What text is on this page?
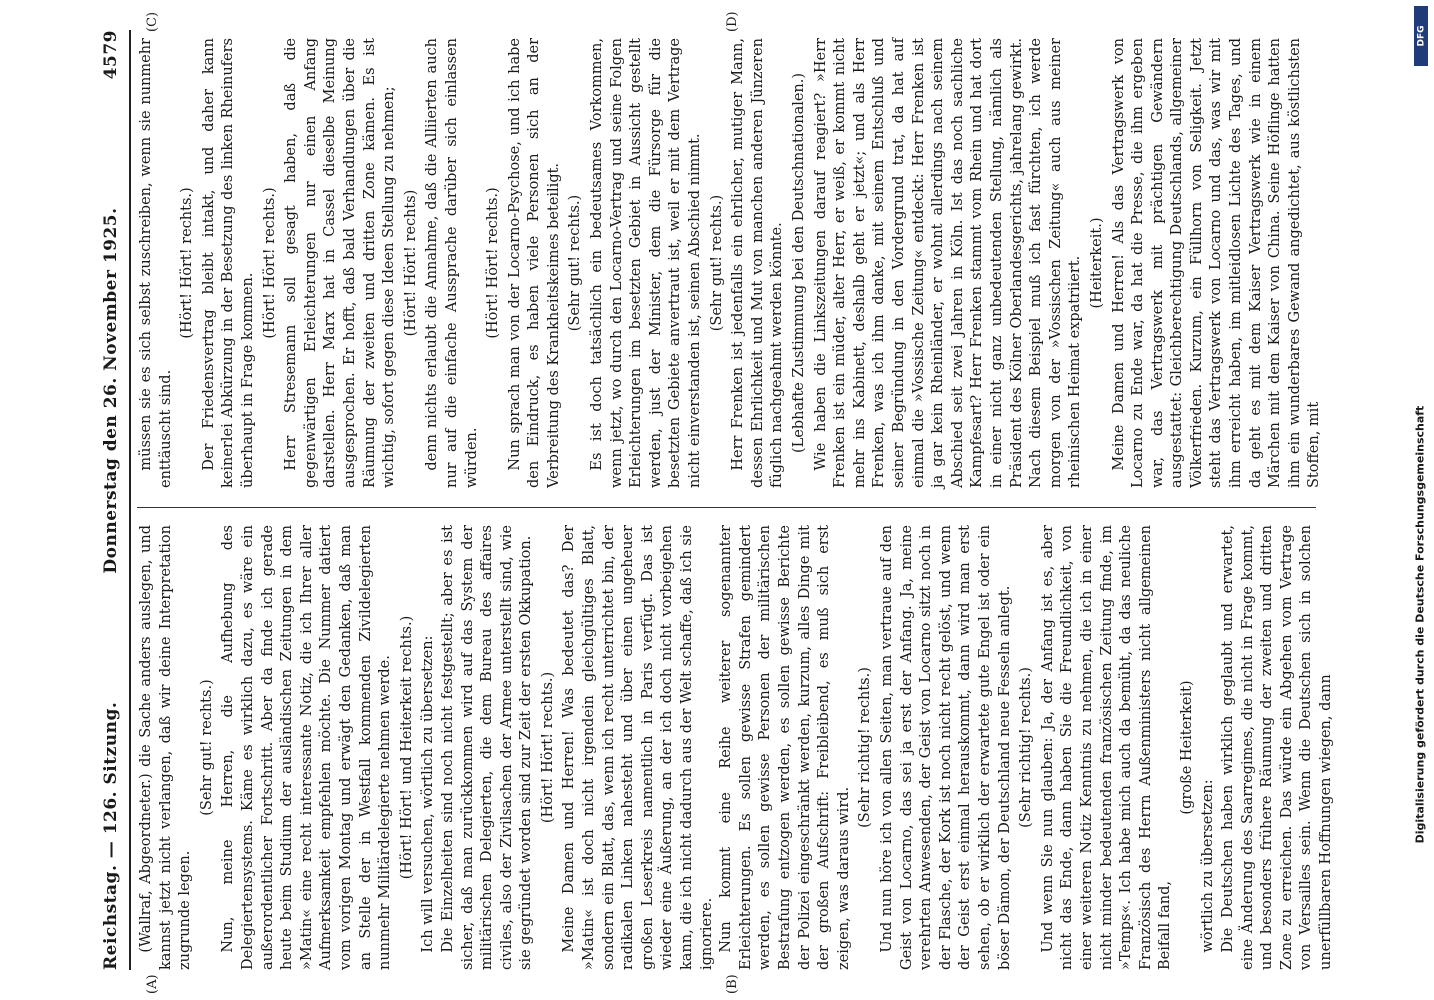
Reichstag. — 126. Sitzung.
Donnerstag den 26. November 1925.
4579
(A)	(B)
(C)	(D)

(Wallraf, Abgeordneter.) die Sache anders auslegen, und kannst jetzt nicht verlangen, daß wir deine Interpretation zugrunde legen.

(Sehr gut! rechts.) Nun, meine Herren, die Aufhebung des Delegiertensystems. Käme es wirklich dazu, es wäre ein außerordentlicher Fortschritt. Aber da finde ich gerade heute beim Studium der ausländischen Zeitungen in dem »Matin« eine recht interessante Notiz, die ich Ihrer aller Aufmerksamkeit empfehlen möchte. Die Nummer datiert vom vorigen Montag und erwägt den Gedanken, daß man an Stelle der in Westfall kommenden Zivildelegierten nunmehr Militärdelegierte nehmen werde. (Hört! Hört! und Heiterkeit rechts.) Ich will versuchen, wörtlich zu übersetzen: Die Einzelheiten sind noch nicht festgestellt; aber es ist sicher, daß man zurückkommen wird auf das System der militärischen Delegierten, die dem Bureau des affaires civiles, also der Zivilsachen der Armee unterstellt sind, wie sie gegründet worden sind zur Zeit der ersten Okkupation. (Hört! Hört! rechts.) Meine Damen und Herren! Was bedeutet das? Der »Matin« ist doch nicht irgendein gleichgültiges Blatt, sondern ein Blatt, das, wenn ich recht unterrichtet bin, der radikalen Linken nahesteht und über einen ungeheuer großen Leserkreis namentlich in Paris verfügt. Das ist wieder eine Äußerung, an der ich doch nicht vorbeigehen kann, die ich nicht dadurch aus der Welt schaffe, daß ich sie ignoriere. Nun kommt eine Reihe weiterer sogenannter Erleichterungen. Es sollen gewisse Strafen gemindert werden, es sollen gewisse Personen der militärischen Bestrafung entzogen werden, es sollen gewisse Berichte der Polizei eingeschränkt werden, kurzum, alles Dinge mit der großen Aufschrift: Freibleibend, es muß sich erst zeigen, was daraus wird.

(Sehr richtig! rechts.) Und nun höre ich von allen Seiten, man vertraue auf den Geist von Locarno, das sei ja erst der Anfang. Ja, meine verehrten Anwesenden, der Geist von Locarno sitzt noch in der Flasche, der Kork ist noch nicht recht gelöst, und wenn der Geist erst einmal herauskommt, dann wird man erst sehen, ob er wirklich der erwartete gute Engel ist oder ein böser Dämon, der Deutschland neue Fesseln anlegt. (Sehr richtig! rechts.) Und wenn Sie nun glauben: Ja, der Anfang ist es, aber nicht das Ende, dann haben Sie die Freundlichkeit, von einer weiteren Notiz Kenntnis zu nehmen, die ich in einer nicht minder bedeutenden französischen Zeitung finde, im »Temps«. Ich habe mich auch da bemüht, da das neuliche Französisch des Herrn Außenministers nicht allgemeinen Beifall fand,

(große Heiterkeit)

wörtlich zu übersetzen: Die Deutschen haben wirklich geglaubt und erwartet, eine Änderung des Saarregimes, die nicht in Frage kommt, und besonders frühere Räumung der zweiten und dritten Zone zu erreichen. Das würde ein Abgehen vom Vertrage von Versailles sein. Wenn die Deutschen sich in solchen unerfüllbaren Hoffnungen wiegen, dann

müssen sie es sich selbst zuschreiben, wenn sie nunmehr enttäuscht sind.

(Hört! Hört! rechts.) Der Friedensvertrag bleibt intakt, und daher kann keinerlei Abkürzung in der Besetzung des linken Rheinufers überhaupt in Frage kommen.

(Hört! Hört! rechts.) Herr Stresemann soll gesagt haben, daß die gegenwärtigen Erleichterungen nur einen Anfang darstellen. Herr Marx hat in Cassel dieselbe Meinung ausgesprochen. Er hofft, daß bald Verhandlungen über die Räumung der zweiten und dritten Zone kämen. Es ist wichtig, sofort gegen diese Ideen Stellung zu nehmen; (Hört! Hört! rechts) denn nichts erlaubt die Annahme, daß die Alliierten auch nur auf die einfache Aussprache darüber sich einlassen würden.

(Hört! Hört! rechts.) Nun sprach man von der Locarno-Psychose, und ich habe den Eindruck, es haben viele Personen sich an der Verbreitung des Krankheitskeimes beteiligt. (Sehr gut! rechts.) Es ist doch tatsächlich ein bedeutsames Vorkommen, wenn jetzt, wo durch den Locarno-Vertrag und seine Folgen Erleichterungen im besetzten Gebiet in Aussicht gestellt werden, just der Minister, dem die Fürsorge für die besetzten Gebiete anvertraut ist, weil er mit dem Vertrage nicht einverstanden ist, seinen Abschied nimmt. (Sehr gut! rechts.) Herr Frenken ist jedenfalls ein ehrlicher, mutiger Mann, dessen Ehrlichkeit und Mut von manchen anderen Jünzeren füglich nachgeahmt werden könnte. (Lebhafte Zustimmung bei den Deutschnationalen.) Wie haben die Linkszeitungen darauf reagiert? »Herr Frenken ist ein müder, alter Herr, er weiß, er kommt nicht mehr ins Kabinett, deshalb geht er jetzt«; und als Herr Frenken, was ich ihm danke, mit seinem Entschluß und seiner Begründung in den Vordergrund trat, da hat auf einmal die »Vossische Zeitung« entdeckt: Herr Frenken ist ja gar kein Rheinländer, er wohnt allerdings nach seinem Abschied seit zwei Jahren in Köln. Ist das noch sachliche Kampfesart? Herr Frenken stammt vom Rhein und hat dort in einer nicht ganz unbedeutenden Stellung, nämlich als Präsident des Kölner Oberlandesgerichts, jahrelang gewirkt. Nach diesem Beispiel muß ich fast fürchten, ich werde morgen von der »Vossischen Zeitung« auch aus meiner rheinischen Heimat expatriiert. (Heiterkeit.) Meine Damen und Herren! Als das Vertragswerk von Locarno zu Ende war, da hat die Presse, die ihm ergeben war, das Vertragswerk mit prächtigen Gewändern ausgestattet: Gleichberechtigung Deutschlands, allgemeiner Völkerfrieden. Kurzum, ein Füllhorn von Seligkeit. Jetzt steht das Vertragswerk von Locarno und das, was wir mit ihm erreicht haben, im mitleidlosen Lichte des Tages, und da geht es mit dem Kaiser Vertragswerk wie in einem Märchen mit dem Kaiser von China. Seine Höflinge hatten ihm ein wunderbares Gewand angedichtet, aus köstlichsten Stoffen, mit

DFG
Digitalisierung gefördert durch die Deutsche Forschungsgemeinschaft
